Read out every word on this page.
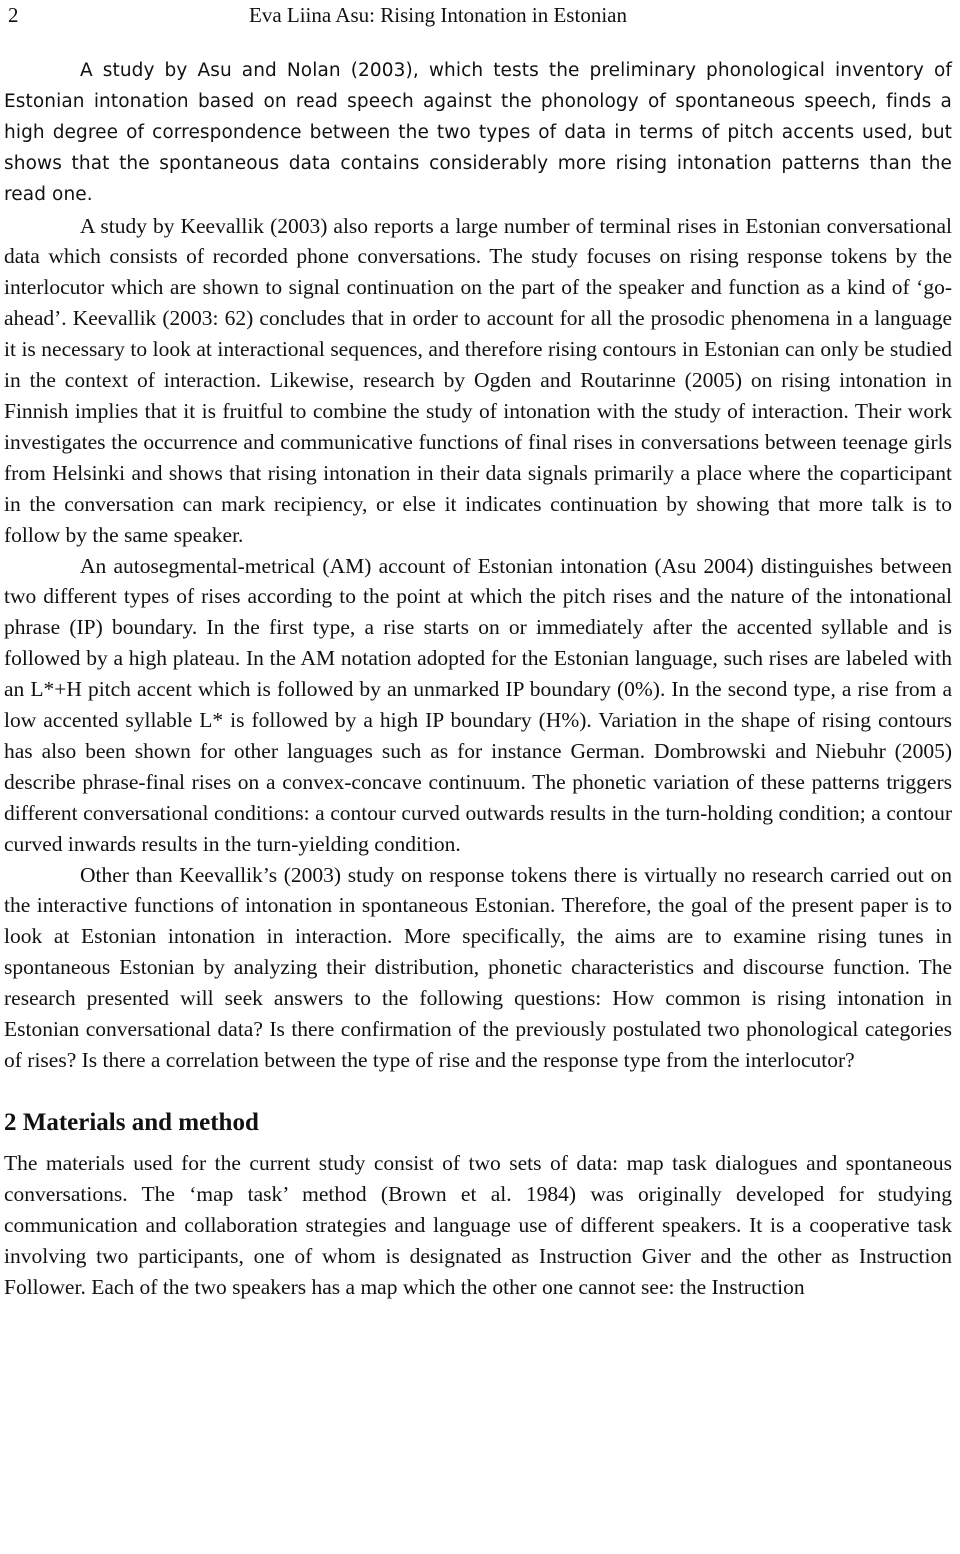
2	Eva Liina Asu: Rising Intonation in Estonian

A study by Asu and Nolan (2003), which tests the preliminary phonological inventory of Estonian intonation based on read speech against the phonology of spontaneous speech, finds a high degree of correspondence between the two types of data in terms of pitch accents used, but shows that the spontaneous data contains considerably more rising intonation patterns than the read one.

A study by Keevallik (2003) also reports a large number of terminal rises in Estonian conversational data which consists of recorded phone conversations. The study focuses on rising response tokens by the interlocutor which are shown to signal continuation on the part of the speaker and function as a kind of ‘go-ahead’. Keevallik (2003: 62) concludes that in order to account for all the prosodic phenomena in a language it is necessary to look at interactional sequences, and therefore rising contours in Estonian can only be studied in the context of interaction. Likewise, research by Ogden and Routarinne (2005) on rising intonation in Finnish implies that it is fruitful to combine the study of intonation with the study of interaction. Their work investigates the occurrence and communicative functions of final rises in conversations between teenage girls from Helsinki and shows that rising intonation in their data signals primarily a place where the coparticipant in the conversation can mark recipiency, or else it indicates continuation by showing that more talk is to follow by the same speaker.

An autosegmental-metrical (AM) account of Estonian intonation (Asu 2004) distinguishes between two different types of rises according to the point at which the pitch rises and the nature of the intonational phrase (IP) boundary. In the first type, a rise starts on or immediately after the accented syllable and is followed by a high plateau. In the AM notation adopted for the Estonian language, such rises are labeled with an L*+H pitch accent which is followed by an unmarked IP boundary (0%). In the second type, a rise from a low accented syllable L* is followed by a high IP boundary (H%). Variation in the shape of rising contours has also been shown for other languages such as for instance German. Dombrowski and Niebuhr (2005) describe phrase-final rises on a convex-concave continuum. The phonetic variation of these patterns triggers different conversational conditions: a contour curved outwards results in the turn-holding condition; a contour curved inwards results in the turn-yielding condition.

Other than Keevallik’s (2003) study on response tokens there is virtually no research carried out on the interactive functions of intonation in spontaneous Estonian. Therefore, the goal of the present paper is to look at Estonian intonation in interaction. More specifically, the aims are to examine rising tunes in spontaneous Estonian by analyzing their distribution, phonetic characteristics and discourse function. The research presented will seek answers to the following questions: How common is rising intonation in Estonian conversational data? Is there confirmation of the previously postulated two phonological categories of rises? Is there a correlation between the type of rise and the response type from the interlocutor?

2 Materials and method

The materials used for the current study consist of two sets of data: map task dialogues and spontaneous conversations. The ‘map task’ method (Brown et al. 1984) was originally developed for studying communication and collaboration strategies and language use of different speakers. It is a cooperative task involving two participants, one of whom is designated as Instruction Giver and the other as Instruction Follower. Each of the two speakers has a map which the other one cannot see: the Instruction
